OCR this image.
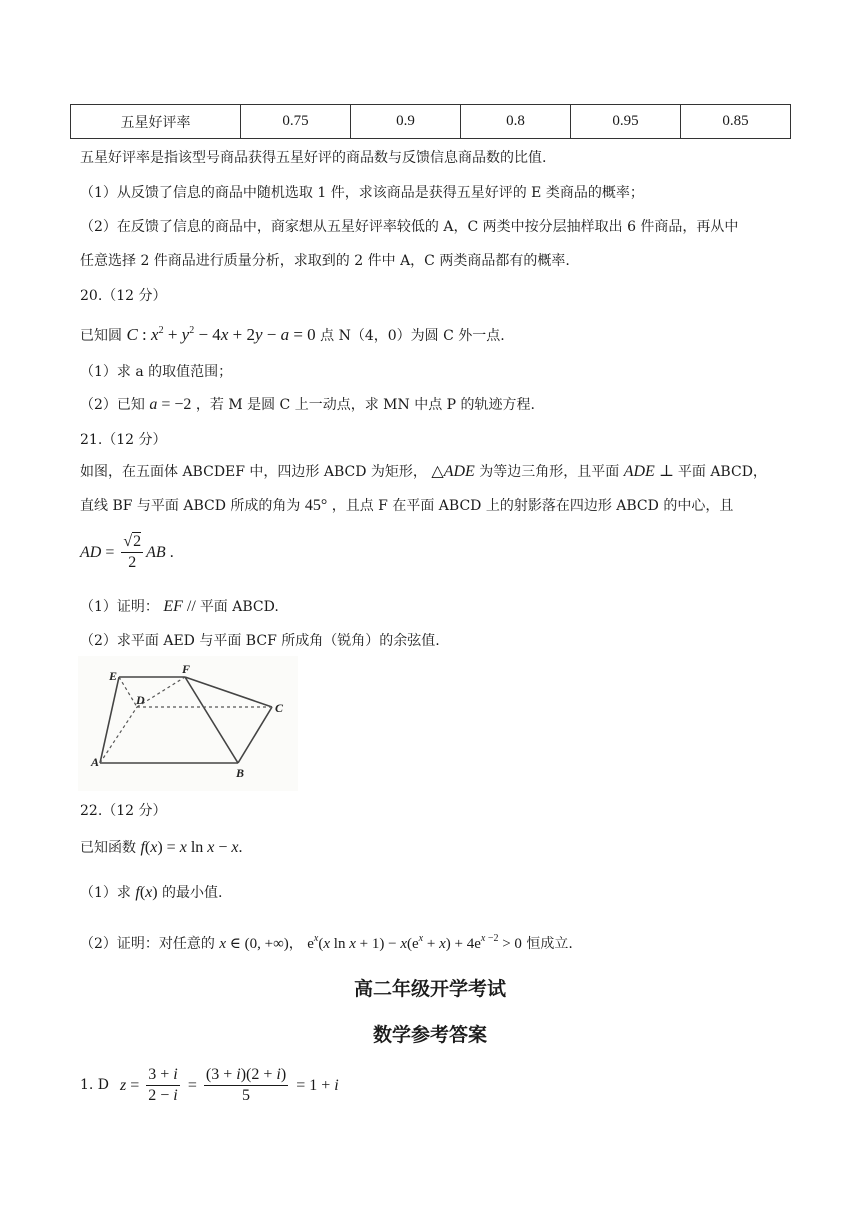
五星好评率	0.75	0.9	0.8	0.95	0.85
五星好评率是指该型号商品获得五星好评的商品数与反馈信息商品数的比值.
（1）从反馈了信息的商品中随机选取 1 件，求该商品是获得五星好评的 E 类商品的概率；
（2）在反馈了信息的商品中，商家想从五星好评率较低的 A，C 两类中按分层抽样取出 6 件商品，再从中
任意选择 2 件商品进行质量分析，求取到的 2 件中 A，C 两类商品都有的概率.
20.（12 分）
已知圆 C : $x^2 + y^2 - 4x + 2y - a = 0$ 点 N（4，0）为圆 C 外一点.
（1）求 a 的取值范围；
（2）已知 a = −2 ，若 M 是圆 C 上一动点，求 MN 中点 P 的轨迹方程.
21.（12 分）
如图，在五面体 ABCDEF 中，四边形 ABCD 为矩形， △ADE 为等边三角形，且平面 ADE ⊥ 平面 ABCD，
直线 BF 与平面 ABCD 所成的角为 45° ，且点 F 在平面 ABCD 上的射影落在四边形 ABCD 的中心，且
AD = $\frac{√2}{2}$ AB .
（1）证明： EF // 平面 ABCD.
（2）求平面 AED 与平面 BCF 所成角（锐角）的余弦值.
E	F
D
C
A
B
22.（12 分）
已知函数 f(x) = x ln x − x.
（1）求 f(x) 的最小值.
（2）证明：对任意的 x ∈ (0, +∞)， $e^x(x$ $\ln x + 1) - x(e^x + x) + 4e^{x -2} > 0$ 恒成立.
高二年级开学考试
数学参考答案
1. D $z = \frac{3 + i}{2 - i} = \frac{(3 + i)(2 + i)}{5} = 1 + i$
